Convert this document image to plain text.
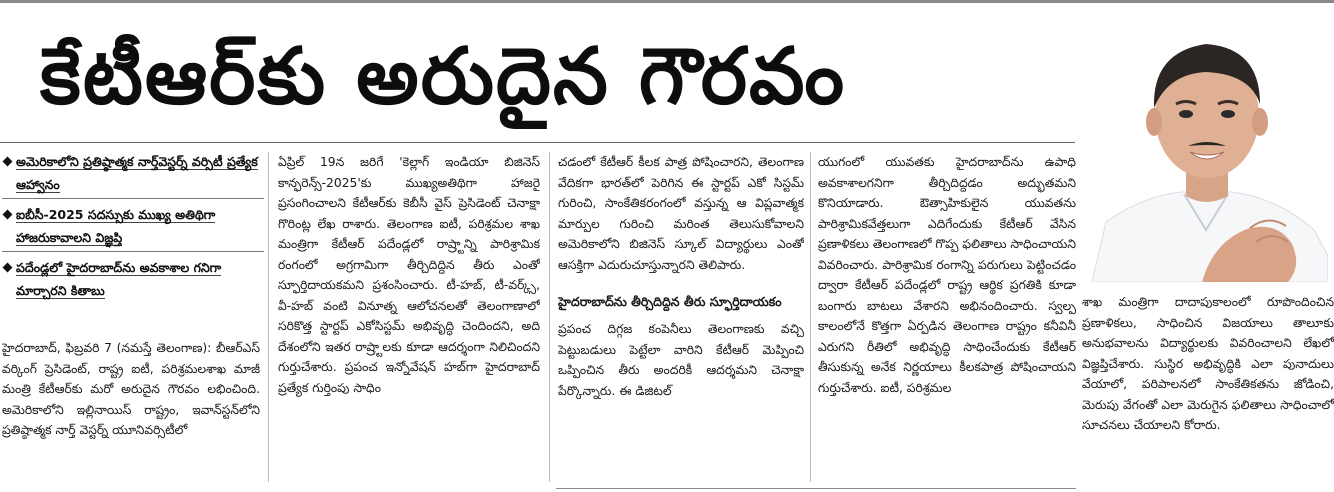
కేటీఆర్‌కు అరుదైన గౌరవం
అమెరికాలోని ప్రతిష్ఠాత్మక నార్త్‌వెస్టర్న్ వర్సిటీ ప్రత్యేక ఆహ్వానం
ఐబీసీ-2025 సదస్సుకు ముఖ్య అతిథిగా హాజరుకావాలని విజ్ఞప్తి
పదేండ్లలో హైదరాబాద్‌ను అవకాశాల గనిగా మార్చారని కితాబు

హైదరాబాద్, ఫిబ్రవరి 7 (నమస్తే తెలంగాణ): బీఆర్‌ఎస్ వర్కింగ్ ప్రెసిడెంట్, రాష్ట్ర ఐటీ, పరిశ్రమలశాఖ మాజీ మంత్రి కేటీఆర్‌కు మరో అరుదైన గౌరవం లభించింది. అమెరికాలోని ఇల్లినాయిస్ రాష్ట్రం, ఇవాన్‌స్టన్‌లోని ప్రతిష్ఠాత్మక నార్త్ వెస్టర్న్ యూనివర్సిటీలో

ఏప్రిల్ 19న జరిగే 'కెల్లాగ్ ఇండియా బిజినెస్ కాన్ఫరెన్స్-2025'కు ముఖ్యఅతిథిగా హాజరై ప్రసంగించాలని కేటీఆర్‌కు కెబీసీ వైస్ ప్రెసిడెంట్ చెనాక్షా గొరింట్ల లేఖ రాశారు. తెలంగాణ ఐటీ, పరిశ్రమల శాఖ మంత్రిగా కేటీఆర్ పదేండ్లలో రాష్ర్టాన్ని పారిశ్రామిక రంగంలో అగ్రగామిగా తీర్చిదిద్దిన తీరు ఎంతో స్ఫూర్తిదాయకమని ప్రశంసించారు. టీ-హబ్, టీ-వర్క్స్, వీ-హబ్ వంటి వినూత్న ఆలోచనలతో తెలంగాణాలో సరికొత్త స్టార్టప్ ఎకోసిస్టమ్ అభివృద్ధి చెందిందని, అది దేశంలోని ఇతర రాష్ర్టాలకు కూడా ఆదర్శంగా నిలిచిందని గుర్తుచేశారు. ప్రపంచ ఇన్నోవేషన్ హబ్‌గా హైదరాబాద్ ప్రత్యేక గుర్తింపు సాధిం

చడంలో కేటీఆర్ కీలక పాత్ర పోషించారని, తెలంగాణ వేదికగా భారత్‌లో పెరిగిన ఈ స్టార్టప్ ఎకో సిస్టమ్ గురించి, సాంకేతికరంగంలో వస్తున్న ఆ విప్లవాత్మక మార్పుల గురించి మరింత తెలుసుకోవాలని అమెరికాలోని బిజినెస్ స్కూల్ విద్యార్థులు ఎంతో ఆసక్తిగా ఎదురుచూస్తున్నారని తెలిపారు.

హైదరాబాద్‌ను తీర్చిదిద్దిన తీరు స్ఫూర్తిదాయకం

ప్రపంచ దిగ్గజ కంపెనీలు తెలంగాణకు వచ్చి పెట్టుబడులు పెట్టేలా వారిని కేటీఆర్ మెప్పించి ఒప్పించిన తీరు అందరికీ ఆదర్శమని చెనాక్షా పేర్కొన్నారు. ఈ డిజిటల్

యుగంలో యువతకు హైదరాబాద్‌ను ఉపాధి అవకాశాలగనిగా తీర్చిదిద్దడం అద్భుతమని కొనియాడారు. ఔత్సాహికులైన యువతను పారిశ్రామికవేత్తలుగా ఎదిగేందుకు కేటీఆర్ వేసిన ప్రణాళికలు తెలంగాణలో గొప్ప ఫలితాలు సాధించాయని వివరించారు. పారిశ్రామిక రంగాన్ని పరుగులు పెట్టించడం ద్వారా కేటీఆర్ పదేండ్లలో రాష్ట్ర ఆర్థిక ప్రగతికి కూడా బంగారు బాటలు వేశారని అభినందించారు. స్వల్ప కాలంలోనే కొత్తగా ఏర్పడిన తెలంగాణ రాష్ట్రం కనీవినీ ఎరుగని రీతిలో అభివృద్ధి సాధించేందుకు కేటీఆర్ తీసుకున్న అనేక నిర్ణయాలు కీలకపాత్ర పోషించాయని గుర్తుచేశారు. ఐటీ, పరిశ్రమల

శాఖ మంత్రిగా దాదాపుకాలంలో రూపొందించిన ప్రణాళికలు, సాధించిన విజయాలు తాలూకు అనుభవాలను విద్యార్థులకు వివరించాలని లేఖలో విజ్ఞప్తిచేశారు. సుస్థిర అభివృద్ధికి ఎలా పునాదులు వేయాలో, పరిపాలనలో సాంకేతికతను జోడించి, మెరుపు వేగంతో ఎలా మెరుగైన ఫలితాలు సాధించాలో సూచనలు చేయాలని కోరారు.
